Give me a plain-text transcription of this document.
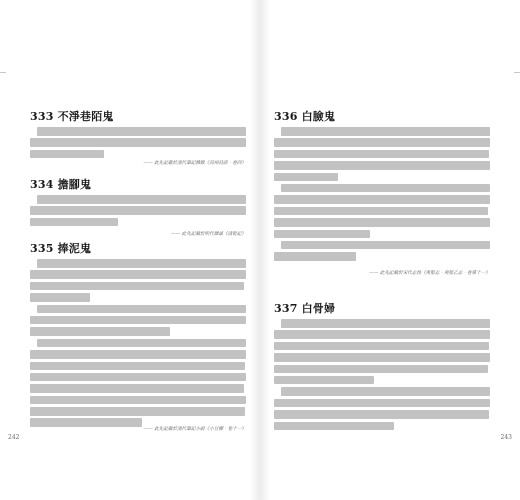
333 不淨巷陌鬼
—— 此先記載於清代筆記雜錄《涼州詩話‧卷四》
334 擔腳鬼
—— 此先記載於明代雜談《清乾記》
335 捧泥鬼
—— 此先記載於清代筆記小說《小豆棚‧卷十一》
242
336 白臉鬼
—— 此先記載於宋代志怪《夷堅志‧夷堅乙志‧卷第十一》
337 白骨婦
243
